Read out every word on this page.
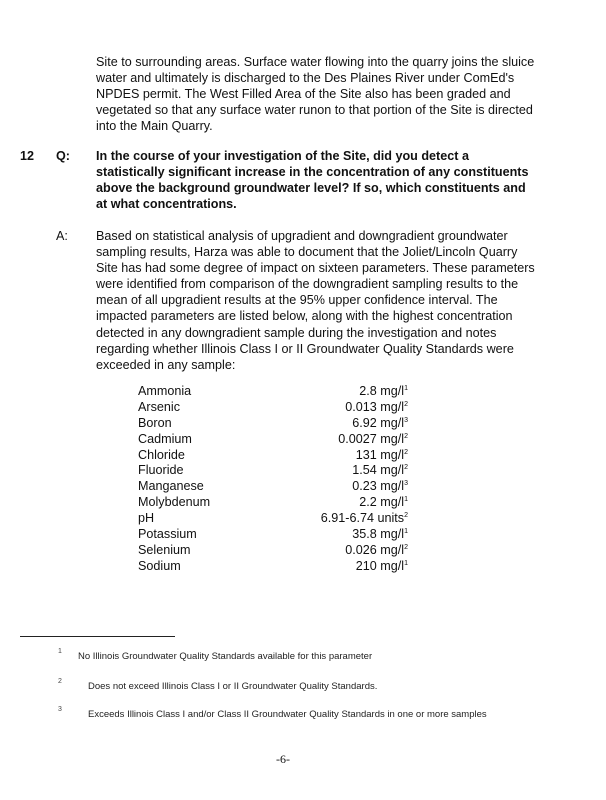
Site to surrounding areas. Surface water flowing into the quarry joins the sluice water and ultimately is discharged to the Des Plaines River under ComEd's NPDES permit. The West Filled Area of the Site also has been graded and vegetated so that any surface water runon to that portion of the Site is directed into the Main Quarry.

12 Q: In the course of your investigation of the Site, did you detect a statistically significant increase in the concentration of any constituents above the background groundwater level? If so, which constituents and at what concentrations.

A: Based on statistical analysis of upgradient and downgradient groundwater sampling results, Harza was able to document that the Joliet/Lincoln Quarry Site has had some degree of impact on sixteen parameters. These parameters were identified from comparison of the downgradient sampling results to the mean of all upgradient results at the 95% upper confidence interval. The impacted parameters are listed below, along with the highest concentration detected in any downgradient sample during the investigation and notes regarding whether Illinois Class I or II Groundwater Quality Standards were exceeded in any sample:

Ammonia	2.8 $mg/l^1$
Arsenic	0.013 $mg/l^2$
Boron	6.92 $mg/l^3$
Cadmium	0.0027 $mg/l^2$
Chloride	131 $mg/l^2$
Fluoride	1.54 $mg/l^2$
Manganese	0.23 $mg/l^3$
Molybdenum	2.2 $mg/l^1$
pH	6.91-6.74 units$^2$
Potassium	35.8 $mg/l^1$
Selenium	0.026 $mg/l^2$
Sodium	210 $mg/l^1$
1 No Illinois Groundwater Quality Standards available for this parameter
2	Does not exceed Illinois Class I or II Groundwater Quality Standards.
3	Exceeds Illinois Class I and/or Class II Groundwater Quality Standards in one or more samples
-6-
